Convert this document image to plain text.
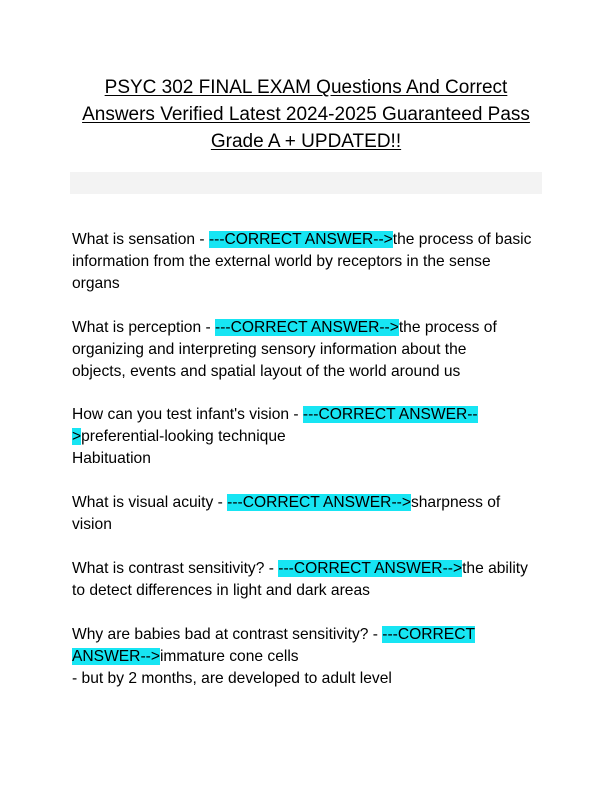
PSYC 302 FINAL EXAM Questions And Correct
Answers Verified Latest 2024-2025 Guaranteed Pass
Grade A + UPDATED!!
What is sensation - ---CORRECT ANSWER-->the process of basic
information from the external world by receptors in the sense
organs
What is perception - ---CORRECT ANSWER-->the process of
organizing and interpreting sensory information about the
objects, events and spatial layout of the world around us
How can you test infant's vision - ---CORRECT ANSWER--
>preferential-looking technique
Habituation
What is visual acuity - ---CORRECT ANSWER-->sharpness of
vision
What is contrast sensitivity? - ---CORRECT ANSWER-->the ability
to detect differences in light and dark areas
Why are babies bad at contrast sensitivity? - ---CORRECT
ANSWER-->immature cone cells
- but by 2 months, are developed to adult level
